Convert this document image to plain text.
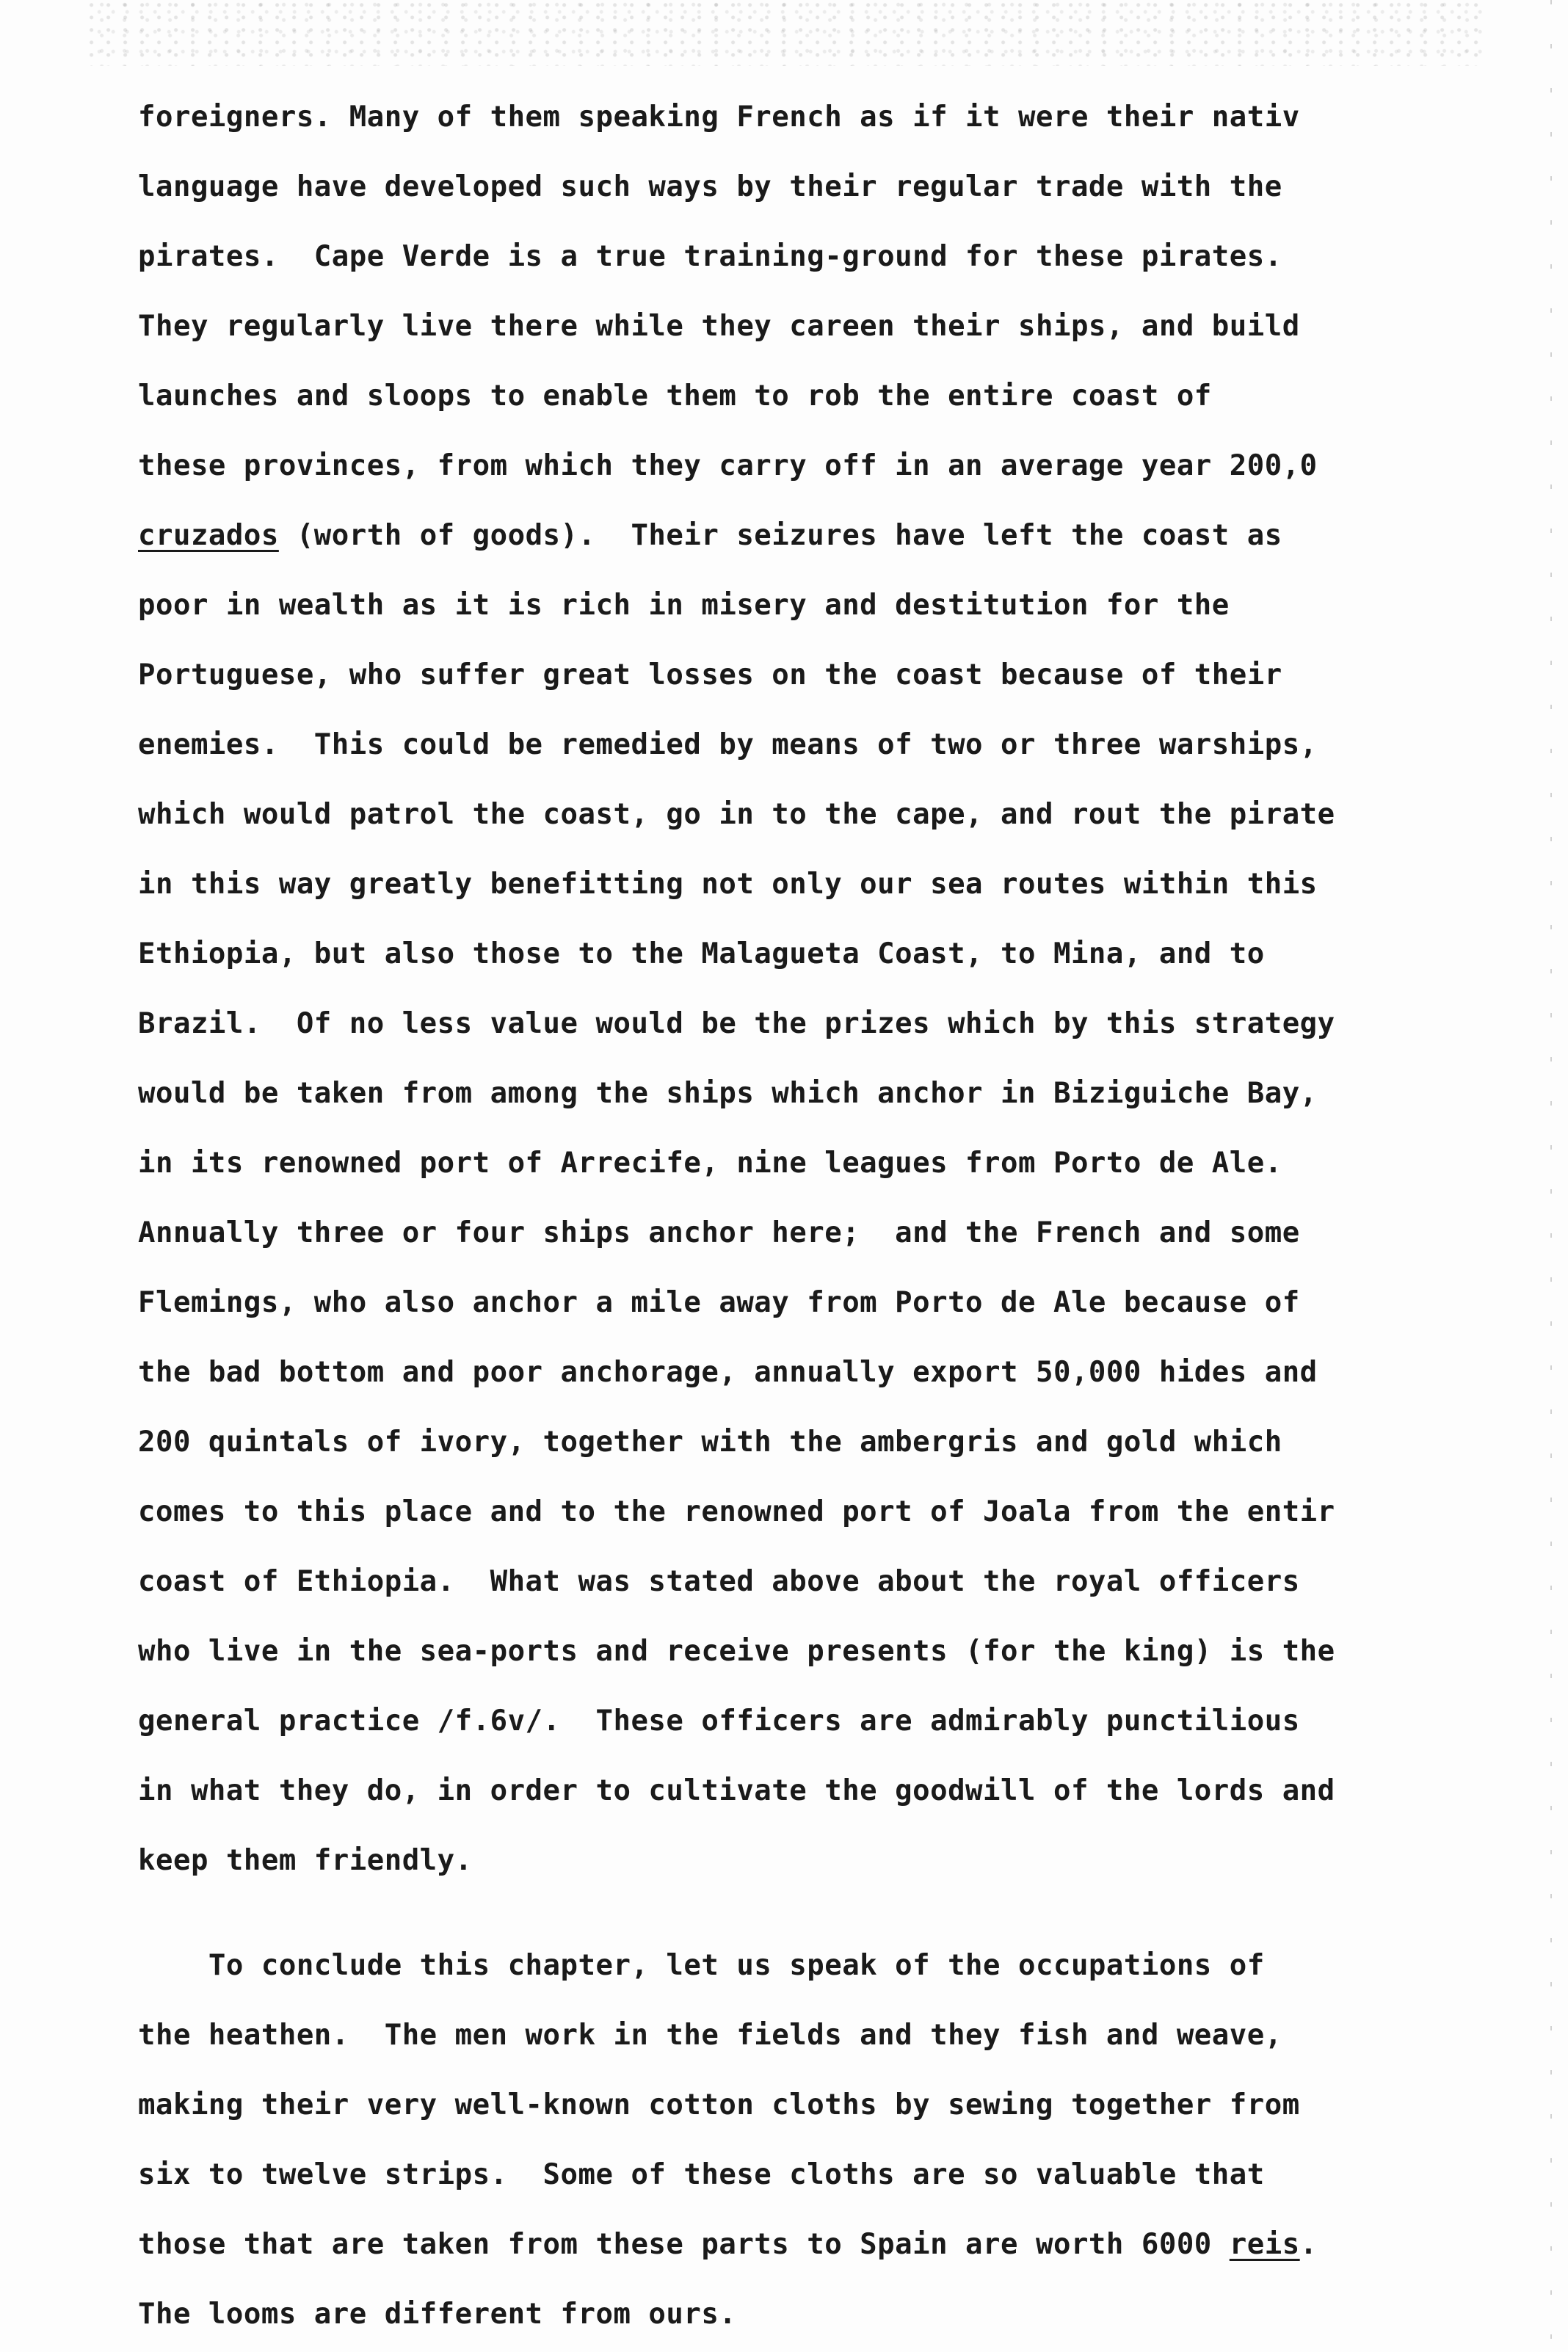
foreigners. Many of them speaking French as if it were their nativ
language have developed such ways by their regular trade with the
pirates.  Cape Verde is a true training-ground for these pirates.
They regularly live there while they careen their ships, and build
launches and sloops to enable them to rob the entire coast of
these provinces, from which they carry off in an average year 200,0
cruzados (worth of goods).  Their seizures have left the coast as
poor in wealth as it is rich in misery and destitution for the
Portuguese, who suffer great losses on the coast because of their
enemies.  This could be remedied by means of two or three warships,
which would patrol the coast, go in to the cape, and rout the pirate
in this way greatly benefitting not only our sea routes within this
Ethiopia, but also those to the Malagueta Coast, to Mina, and to
Brazil.  Of no less value would be the prizes which by this strategy
would be taken from among the ships which anchor in Biziguiche Bay,
in its renowned port of Arrecife, nine leagues from Porto de Ale.
Annually three or four ships anchor here;  and the French and some
Flemings, who also anchor a mile away from Porto de Ale because of
the bad bottom and poor anchorage, annually export 50,000 hides and
200 quintals of ivory, together with the ambergris and gold which
comes to this place and to the renowned port of Joala from the entir
coast of Ethiopia.  What was stated above about the royal officers
who live in the sea-ports and receive presents (for the king) is the
general practice /f.6v/.  These officers are admirably punctilious
in what they do, in order to cultivate the goodwill of the lords and
keep them friendly.
To conclude this chapter, let us speak of the occupations of
the heathen.  The men work in the fields and they fish and weave,
making their very well-known cotton cloths by sewing together from
six to twelve strips.  Some of these cloths are so valuable that
those that are taken from these parts to Spain are worth 6000 reis.
The looms are different from ours.
